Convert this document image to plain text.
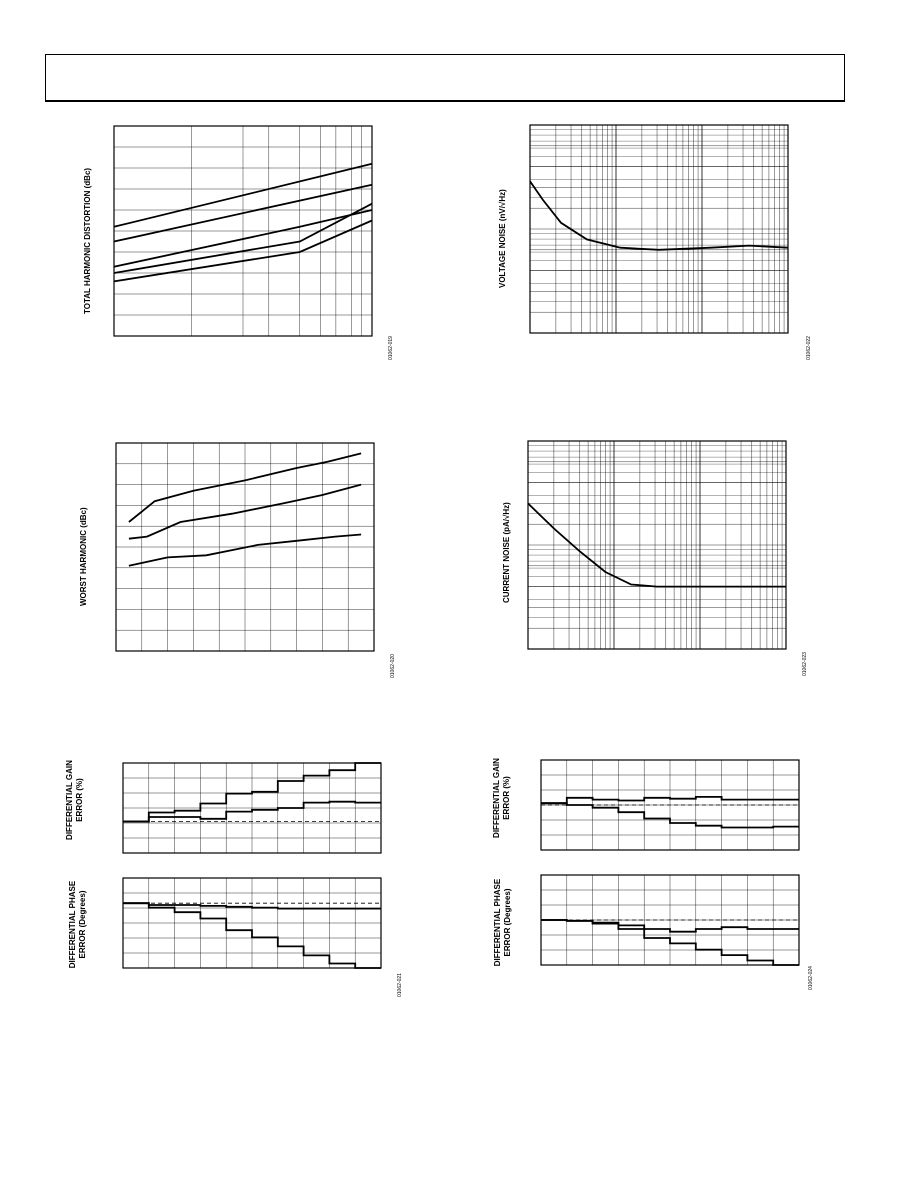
TOTAL HARMONIC DISTORTION (dBc)
01062-019
VOLTAGE NOISE (nV/√Hz)
01062-022
WORST HARMONIC (dBc)
01062-020
CURRENT NOISE (pA/√Hz)
01062-023
DIFFERENTIAL GAIN ERROR (%)
DIFFERENTIAL PHASE ERROR (Degrees)
01062-021
DIFFERENTIAL GAIN ERROR (%)
DIFFERENTIAL PHASE ERROR (Degrees)
01062-024
